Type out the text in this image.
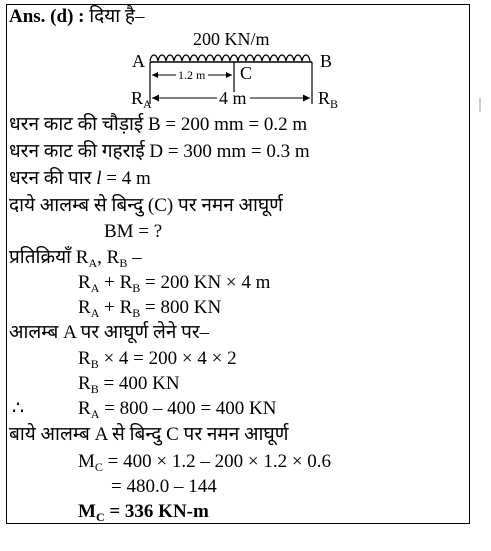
Ans. (d) : दिया है–
200 KN/m
A	B
C
1.2 m
4 m
$R_A$	$R_B$
धरन काट की चौड़ाई B = 200 mm = 0.2 m
धरन काट की गहराई D = 300 mm = 0.3 m
धरन की पार l = 4 m
दाये आलम्ब से बिन्दु (C) पर नमन आघूर्ण
BM = ?
प्रतिक्रियाँ $R_A$, $R_B$ –
$R_A + R_B = 200$ KN × 4 m
$R_A + R_B = 800$ KN
आलम्ब A पर आघूर्ण लेने पर–
$R_B \times 4 = 200 \times 4 \times 2$
$R_B = 400$ KN
∴	$R_A = 800 - 400 = 400$ KN
बाये आलम्ब A से बिन्दु C पर नमन आघूर्ण
$M_C = 400 \times 1.2 - 200 \times 1.2 \times 0.6$
= 480.0 – 144
$M_C = 336$ KN-m
